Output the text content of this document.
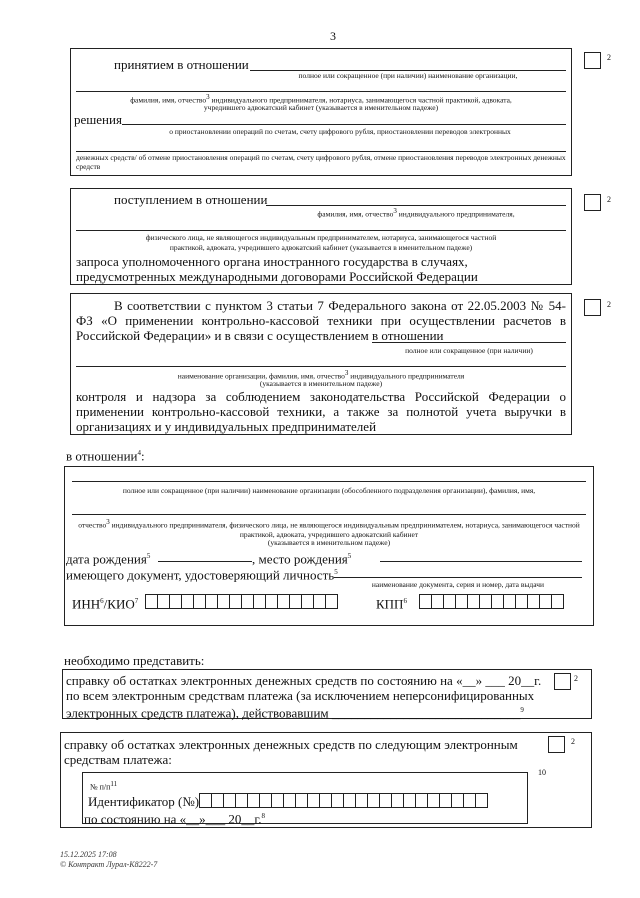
3
принятием в отношении
полное или сокращенное (при наличии) наименование организации,
фамилия, имя, отчество$^3$ индивидуального предпринимателя, нотариуса, занимающегося частной практикой, адвоката,
учредившего адвокатский кабинет (указывается в именительном падеже)
решения
о приостановлении операций по счетам, счету цифрового рубля, приостановлении переводов электронных
денежных средств/ об отмене приостановления операций по счетам, счету цифрового рубля, отмене приостановления переводов электронных денежных средств
2
поступлением в отношении
фамилия, имя, отчество$^3$ индивидуального предпринимателя,
физического лица, не являющегося индивидуальным предпринимателем, нотариуса, занимающегося частной
практикой, адвоката, учредившего адвокатский кабинет (указывается в именительном падеже)
запроса уполномоченного органа иностранного государства в случаях, предусмотренных международными договорами Российской Федерации
2
В соответствии с пунктом 3 статьи 7 Федерального закона от 22.05.2003 № 54-ФЗ «О применении контрольно-кассовой техники при осуществлении расчетов в Российской Федерации» и в связи с осуществлением в отношении
полное или сокращенное (при наличии)
наименование организации, фамилия, имя, отчество$^3$ индивидуального предпринимателя
(указывается в именительном падеже)
контроля и надзора за соблюдением законодательства Российской Федерации о применении контрольно-кассовой техники, а также за полнотой учета выручки в организациях и у индивидуальных предпринимателей
2
в отношении$^4$:
полное или сокращенное (при наличии) наименование организации (обособленного подразделения организации), фамилия, имя,
отчество$^3$ индивидуального предпринимателя, физического лица, не являющегося индивидуальным предпринимателем, нотариуса, занимающегося частной практикой, адвоката, учредившего адвокатский кабинет
(указывается в именительном падеже)
дата рождения$^5$	, место рождения$^5$
имеющего документ, удостоверяющий личность$^5$
наименование документа, серия и номер, дата выдачи
ИНН$^6$/КИО$^7$	КПП$^6$
необходимо представить:
справку об остатках электронных денежных средств по состоянию на «__» ___ 20__г. по всем электронным средствам платежа (за исключением неперсонифицированных электронных средств платежа), действовавшим _____________________________$^9$
2
справку об остатках электронных денежных средств по следующим электронным средствам платежа:
2
10
№ $п/п^{11}$
Идентификатор (№)
по состоянию на «__»___ 20__г.$^8$
15.12.2025 17:08
© Контракт Лурал-К8222-7
